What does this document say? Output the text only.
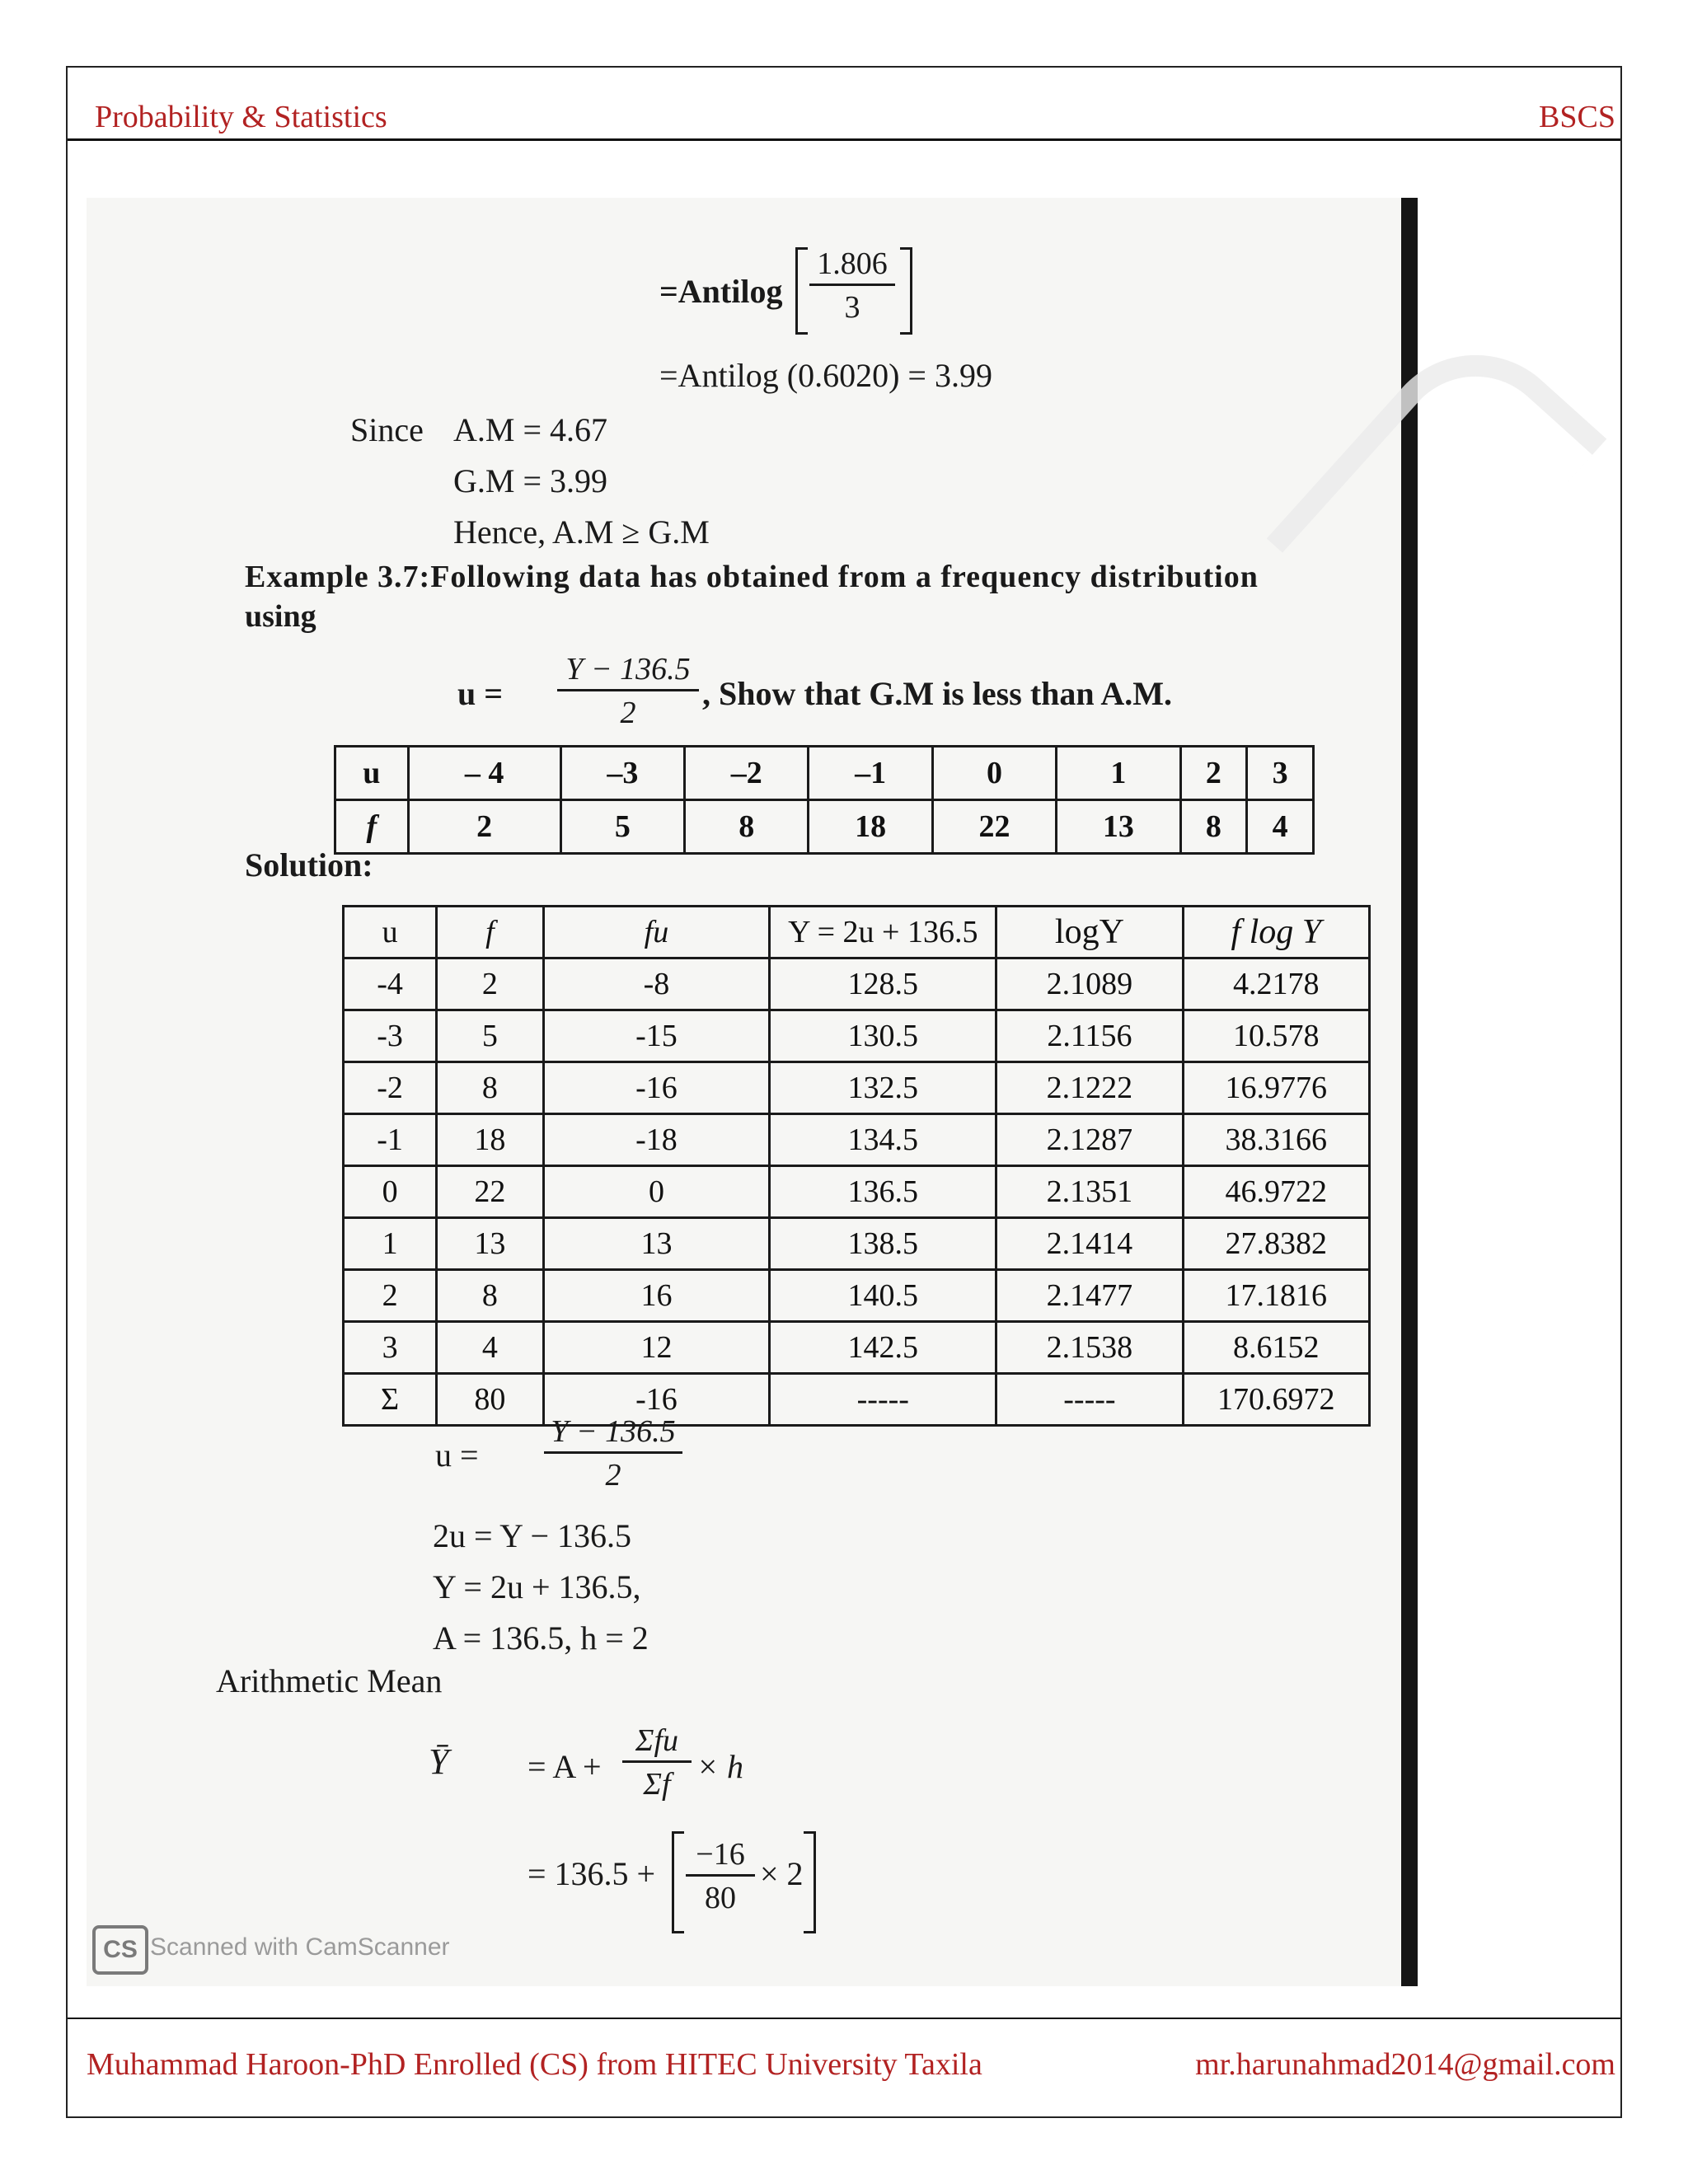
Probability & Statistics	BSCS
=Antilog $\frac{1.806}{3}$
=Antilog (0.6020) = 3.99
Since A.M = 4.67
G.M = 3.99
Hence, A.M ≥ G.M
Example 3.7:Following data has obtained from a frequency distribution
using
$u = \frac{Y - 136.5}{2}$ , Show that G.M is less than A.M.
u	– 4	–3	–2	–1	0	1	2	3
f	2	5	8	18	22	13	8	4
Solution:
u	f	fu	Y = 2u + 136.5	logY	f log Y
-4	2	-8	128.5	2.1089	4.2178
-3	5	-15	130.5	2.1156	10.578
-2	8	-16	132.5	2.1222	16.9776
-1	18	-18	134.5	2.1287	38.3166
0	22	0	136.5	2.1351	46.9722
1	13	13	138.5	2.1414	27.8382
2	8	16	140.5	2.1477	17.1816
3	4	12	142.5	2.1538	8.6152
Σ	80	-16	-----	-----	170.6972
$u = \frac{Y - 136.5}{2}$
2u = Y − 136.5
Y = 2u + 136.5,
A = 136.5, h = 2
Arithmetic Mean
Ȳ = A +
Σfu
Σf × h
= $136.5 + \frac{-16}{80} \times 2$
CS Scanned with CamScanner
Muhammad Haroon-PhD Enrolled (CS) from HITEC University Taxila	mr.harunahmad2014@gmail.com
